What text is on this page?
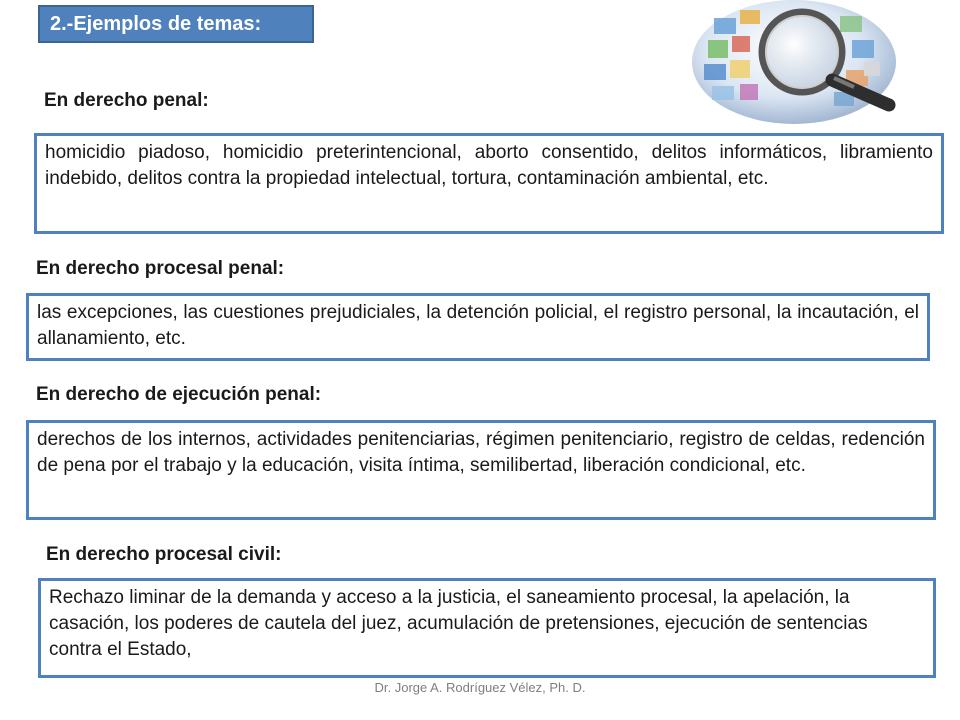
2.-Ejemplos de temas:
En derecho penal:
homicidio piadoso, homicidio preterintencional, aborto consentido, delitos informáticos, libramiento indebido, delitos contra la propiedad intelectual, tortura, contaminación ambiental, etc.
En derecho procesal penal:
las excepciones, las cuestiones prejudiciales, la detención policial, el registro personal, la incautación, el allanamiento, etc.
En derecho de ejecución penal:
derechos de los internos, actividades penitenciarias, régimen penitenciario, registro de celdas, redención de pena por el trabajo y la educación, visita íntima, semilibertad, liberación condicional, etc.
En derecho procesal civil:
Rechazo liminar de la demanda y acceso a la justicia, el saneamiento procesal, la apelación, la casación, los poderes de cautela del juez, acumulación de pretensiones, ejecución de sentencias contra el Estado,
Dr. Jorge A. Rodríguez Vélez, Ph. D.
